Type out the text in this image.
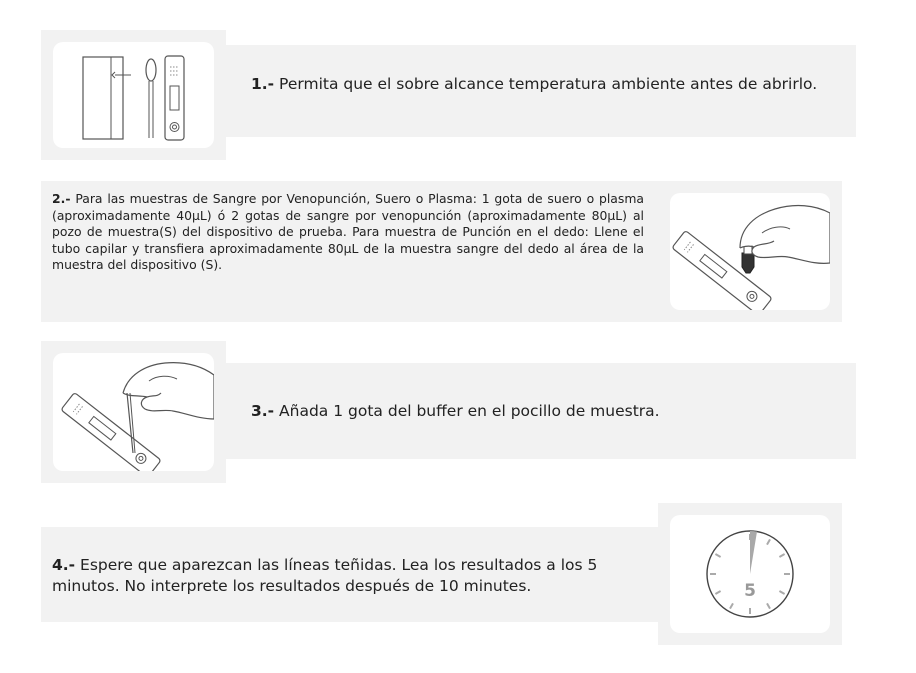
1.- Permita que el sobre alcance temperatura ambiente antes de abrirlo.
2.- Para las muestras de Sangre por Venopunción, Suero o Plasma: 1 gota de suero o plasma (aproximadamente 40µL) ó 2 gotas de sangre por venopunción (aproximadamente 80µL) al pozo de muestra(S) del dispositivo de prueba. Para muestra de Punción en el dedo: Llene el tubo capilar y transfiera aproximadamente 80µL de la muestra sangre del dedo al área de la muestra del dispositivo (S).
3.- Añada 1 gota del buffer en el pocillo de muestra.
5
4.- Espere que aparezcan las líneas teñidas. Lea los resultados a los 5 minutos. No interprete los resultados después de 10 minutes.
